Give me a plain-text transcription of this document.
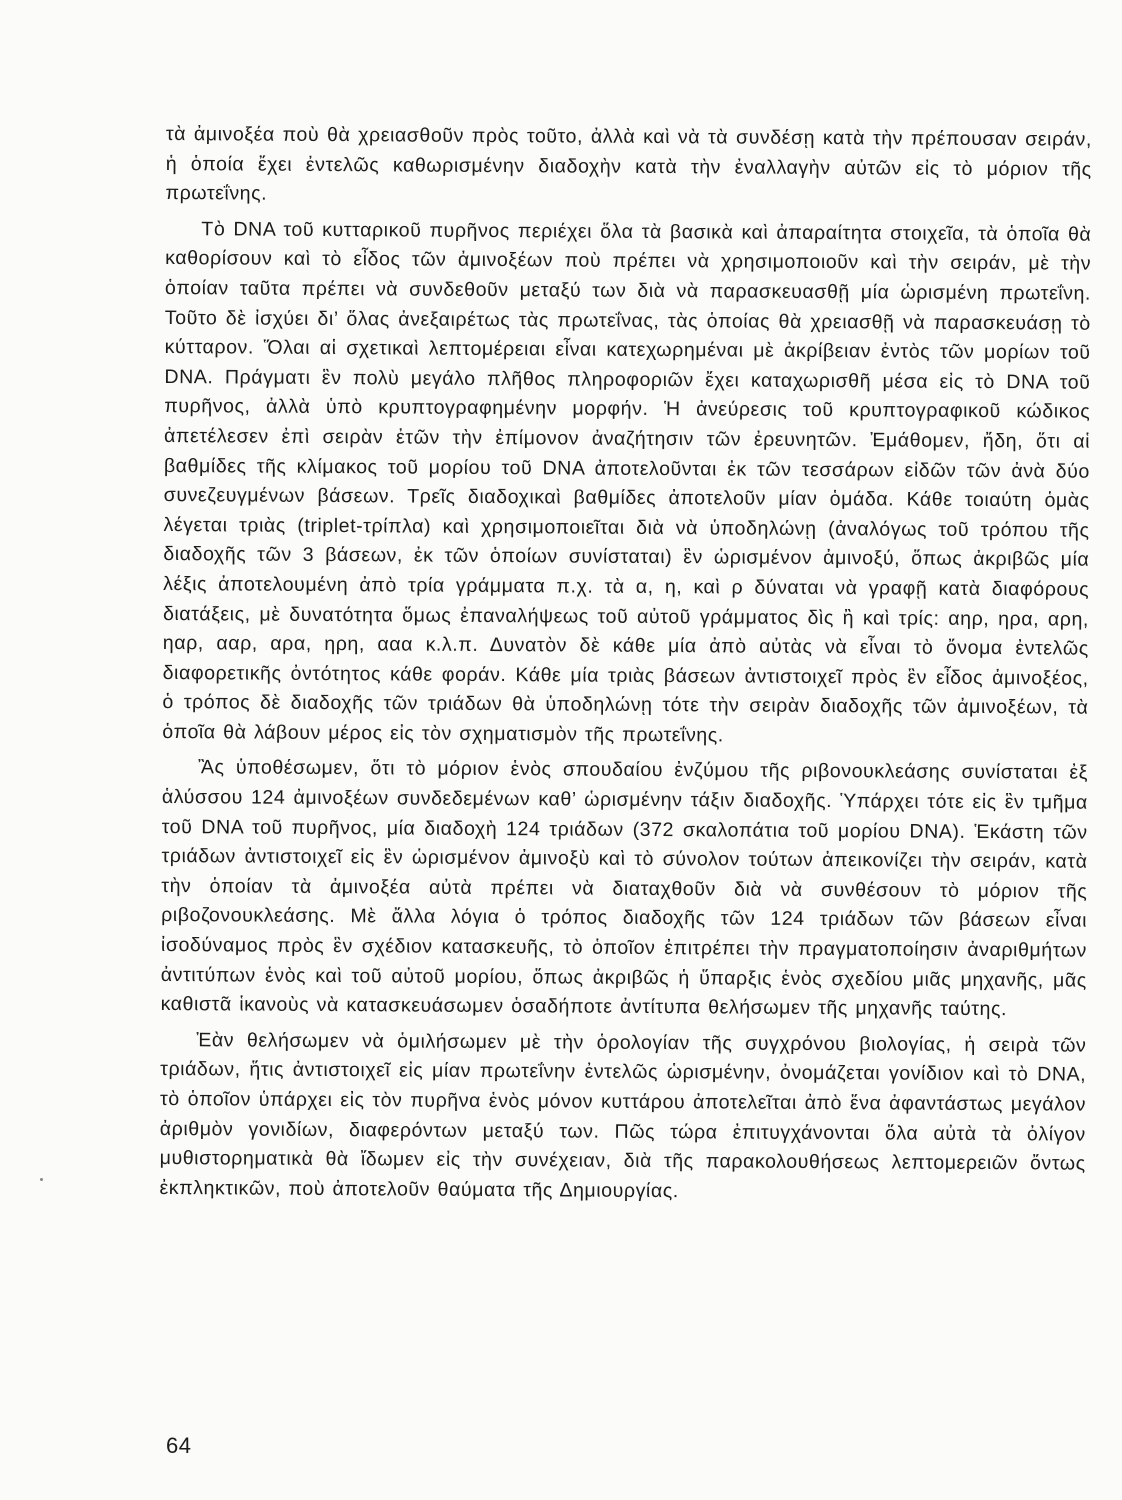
τὰ ἀμινοξέα ποὺ θὰ χρειασθοῦν πρὸς τοῦτο, ἀλλὰ καὶ νὰ τὰ συνδέσῃ κατὰ τὴν πρέπουσαν σειράν, ἡ ὁποία ἔχει ἐντελῶς καθωρισμένην διαδοχὴν κατὰ τὴν ἐναλλαγὴν αὐτῶν εἰς τὸ μόριον τῆς πρωτεΐνης.

Τὸ DNA τοῦ κυτταρικοῦ πυρῆνος περιέχει ὅλα τὰ βασικὰ καὶ ἀπαραίτητα στοιχεῖα, τὰ ὁποῖα θὰ καθορίσουν καὶ τὸ εἶδος τῶν ἀμινοξέων ποὺ πρέπει νὰ χρησιμοποιοῦν καὶ τὴν σειράν, μὲ τὴν ὁποίαν ταῦτα πρέπει νὰ συνδεθοῦν μεταξύ των διὰ νὰ παρασκευασθῇ μία ὡρισμένη πρωτεΐνη. Τοῦτο δὲ ἰσχύει δι’ ὅλας ἀνεξαιρέτως τὰς πρωτεΐνας, τὰς ὁποίας θὰ χρειασθῇ νὰ παρασκευάσῃ τὸ κύτταρον. Ὅλαι αἱ σχετικαὶ λεπτομέρειαι εἶναι κατεχωρημέναι μὲ ἀκρίβειαν ἐντὸς τῶν μορίων τοῦ DNA. Πράγματι ἓν πολὺ μεγάλο πλῆθος πληροφοριῶν ἔχει καταχωρισθῆ μέσα εἰς τὸ DNA τοῦ πυρῆνος, ἀλλὰ ὑπὸ κρυπτογραφημένην μορφήν. Ἡ ἀνεύρεσις τοῦ κρυπτογραφικοῦ κώδικος ἀπετέλεσεν ἐπὶ σειρὰν ἐτῶν τὴν ἐπίμονον ἀναζήτησιν τῶν ἐρευνητῶν. Ἐμάθομεν, ἤδη, ὅτι αἱ βαθμίδες τῆς κλίμακος τοῦ μορίου τοῦ DNA ἀποτελοῦνται ἐκ τῶν τεσσάρων εἰδῶν τῶν ἀνὰ δύο συνεζευγμένων βάσεων. Τρεῖς διαδοχικαὶ βαθμίδες ἀποτελοῦν μίαν ὁμάδα. Κάθε τοιαύτη ὁμὰς λέγεται τριὰς (triplet-τρίπλα) καὶ χρησιμοποιεῖται διὰ νὰ ὑποδηλώνῃ (ἀναλόγως τοῦ τρόπου τῆς διαδοχῆς τῶν 3 βάσεων, ἐκ τῶν ὁποίων συνίσταται) ἓν ὡρισμένον ἀμινοξύ, ὅπως ἀκριβῶς μία λέξις ἀποτελουμένη ἀπὸ τρία γράμματα π.χ. τὰ α, η, καὶ ρ δύναται νὰ γραφῇ κατὰ διαφόρους διατάξεις, μὲ δυνατότητα ὅμως ἐπαναλήψεως τοῦ αὐτοῦ γράμματος δὶς ἢ καὶ τρίς: αηρ, ηρα, αρη, ηαρ, ααρ, αρα, ηρη, ααα κ.λ.π. Δυνατὸν δὲ κάθε μία ἀπὸ αὐτὰς νὰ εἶναι τὸ ὄνομα ἐντελῶς διαφορετικῆς ὀντότητος κάθε φοράν. Κάθε μία τριὰς βάσεων ἀντιστοιχεῖ πρὸς ἓν εἶδος ἀμινοξέος, ὁ τρόπος δὲ διαδοχῆς τῶν τριάδων θὰ ὑποδηλώνῃ τότε τὴν σειρὰν διαδοχῆς τῶν ἀμινοξέων, τὰ ὁποῖα θὰ λάβουν μέρος εἰς τὸν σχηματισμὸν τῆς πρωτεΐνης.

Ἂς ὑποθέσωμεν, ὅτι τὸ μόριον ἑνὸς σπουδαίου ἐνζύμου τῆς ριβονουκλεάσης συνίσταται ἐξ ἁλύσσου 124 ἀμινοξέων συνδεδεμένων καθ’ ὡρισμένην τάξιν διαδοχῆς. Ὑπάρχει τότε εἰς ἓν τμῆμα τοῦ DNA τοῦ πυρῆνος, μία διαδοχὴ 124 τριάδων (372 σκαλοπάτια τοῦ μορίου DNA). Ἑκάστη τῶν τριάδων ἀντιστοιχεῖ εἰς ἓν ὡρισμένον ἀμινοξὺ καὶ τὸ σύνολον τούτων ἀπεικονίζει τὴν σειράν, κατὰ τὴν ὁποίαν τὰ ἀμινοξέα αὐτὰ πρέπει νὰ διαταχθοῦν διὰ νὰ συνθέσουν τὸ μόριον τῆς ριβοζονουκλεάσης. Μὲ ἄλλα λόγια ὁ τρόπος διαδοχῆς τῶν 124 τριάδων τῶν βάσεων εἶναι ἰσοδύναμος πρὸς ἓν σχέδιον κατασκευῆς, τὸ ὁποῖον ἐπιτρέπει τὴν πραγματοποίησιν ἀναριθμήτων ἀντιτύπων ἑνὸς καὶ τοῦ αὐτοῦ μορίου, ὅπως ἀκριβῶς ἡ ὕπαρξις ἑνὸς σχεδίου μιᾶς μηχανῆς, μᾶς καθιστᾶ ἱκανοὺς νὰ κατασκευάσωμεν ὁσαδήποτε ἀντίτυπα θελήσωμεν τῆς μηχανῆς ταύτης.

Ἐὰν θελήσωμεν νὰ ὁμιλήσωμεν μὲ τὴν ὁρολογίαν τῆς συγχρόνου βιολογίας, ἡ σειρὰ τῶν τριάδων, ἥτις ἀντιστοιχεῖ εἰς μίαν πρωτεΐνην ἐντελῶς ὡρισμένην, ὀνομάζεται γονίδιον καὶ τὸ DNA, τὸ ὁποῖον ὑπάρχει εἰς τὸν πυρῆνα ἑνὸς μόνον κυττάρου ἀποτελεῖται ἀπὸ ἕνα ἀφαντάστως μεγάλον ἀριθμὸν γονιδίων, διαφερόντων μεταξύ των. Πῶς τώρα ἐπιτυγχάνονται ὅλα αὐτὰ τὰ ὀλίγον μυθιστορηματικὰ θὰ ἴδωμεν εἰς τὴν συνέχειαν, διὰ τῆς παρακολουθήσεως λεπτομερειῶν ὄντως ἐκπληκτικῶν, ποὺ ἀποτελοῦν θαύματα τῆς Δημιουργίας.

64
